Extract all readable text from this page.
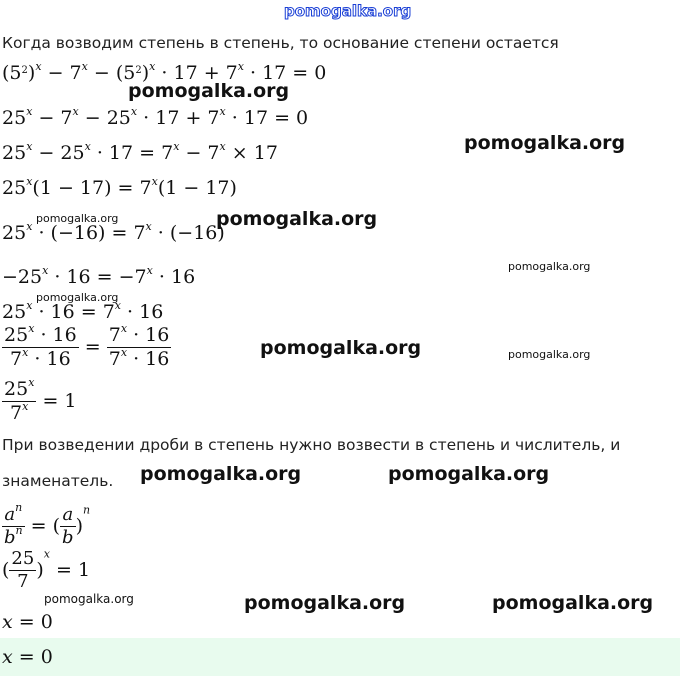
pomogalka.org
Когда возводим степень в степень, то основание степени остается
$(5^2)^x - 7^x - (5^2)^x \cdot 17 + 7^x \cdot 17 = 0$
pomogalka.org
$25^x - 7^x - 25^x \cdot 17 + 7^x \cdot 17 = 0$
pomogalka.org
$25^x - 25^x \cdot 17 = 7^x - 7^x \times 17$
$25^x(1 - 17) = 7^x(1 - 17)$
pomogalka.org	pomogalka.org
$25^x \cdot (-16) = 7^x \cdot (-16)$
pomogalka.org
$-25^x \cdot 16 = -7^x \cdot 16$
pomogalka.org
$25^x \cdot 16 = 7^x \cdot 16$
$\frac{25^x \cdot 16}{7^x \cdot 16} = \frac{7^x \cdot 16}{7^x \cdot 16}$	pomogalka.org	pomogalka.org
$\frac{25^x}{7^x} = 1$
При возведении дроби в степень нужно возвести в степень и числитель, и
знаменатель. pomogalka.org	pomogalka.org
$\frac{a^n}{b^n}$ = ( $\frac{a}{b} )^n$
( $\frac{25}{7} )^x = 1$
pomogalka.org	pomogalka.org	pomogalka.org
x = 0
x = 0
